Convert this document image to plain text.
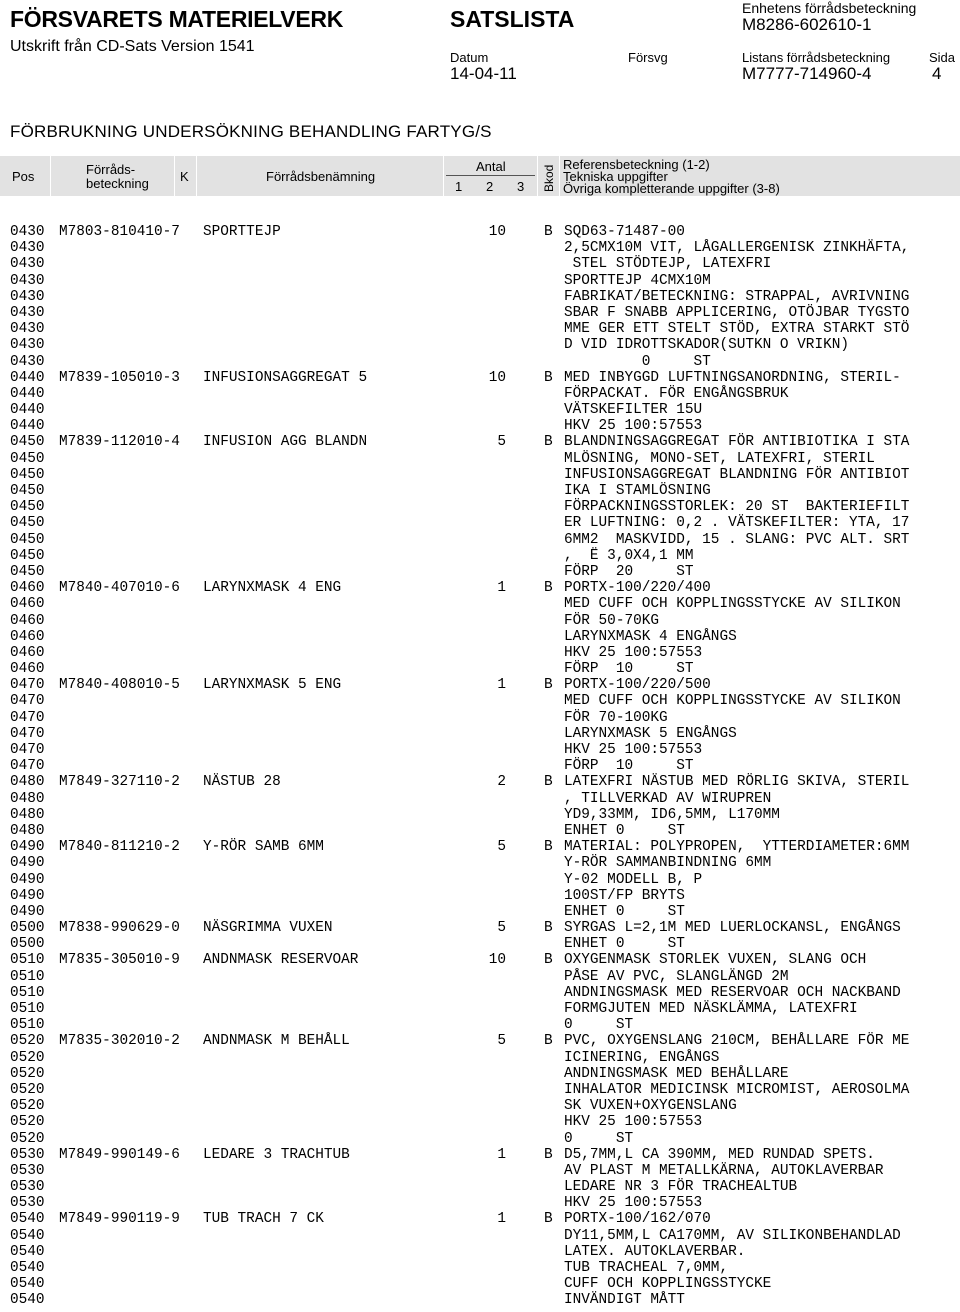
FÖRSVARETS MATERIELVERK
Utskrift från CD-Sats Version 1541
SATSLISTA	Enhetens förrådsbeteckning
M8286-602610-1
Datum
14-04-11
Försvg	Listans förrådsbeteckning
M7777-714960-4
Sida
4
FÖRBRUKNING UNDERSÖKNING BEHANDLING FARTYG/S
Pos	Förråds-
beteckning K	Förrådsbenämning
Antal
1 2 3 Bkod
Referensbeteckning (1-2)
Tekniska uppgifter
Övriga kompletterande uppgifter (3-8)
0430 M7803-810410-7 SPORTTEJP	10	B SQD63-71487-00
0430	2,5CMX10M VIT, LÅGALLERGENISK ZINKHÄFTA,
0430	STEL STÖDTEJP, LATEXFRI
0430	SPORTTEJP 4CMX10M
0430	FABRIKAT/BETECKNING: STRAPPAL, AVRIVNING
0430	SBAR F SNABB APPLICERING, OTÖJBAR TYGSTO
0430	MME GER ETT STELT STÖD, EXTRA STARKT STÖ
0430	D VID IDROTTSKADOR(SUTKN O VRIKN)
0430	0     ST
0440 M7839-105010-3 INFUSIONSAGGREGAT 5	10	B MED INBYGGD LUFTNINGSANORDNING, STERIL-
0440	FÖRPACKAT. FÖR ENGÅNGSBRUK
0440	VÄTSKEFILTER 15U
0440	HKV 25 100:57553
0450 M7839-112010-4 INFUSION AGG BLANDN	5	B BLANDNINGSAGGREGAT FÖR ANTIBIOTIKA I STA
0450	MLÖSNING, MONO-SET, LATEXFRI, STERIL
0450	INFUSIONSAGGREGAT BLANDNING FÖR ANTIBIOT
0450	IKA I STAMLÖSNING
0450	FÖRPACKNINGSSTORLEK: 20 ST  BAKTERIEFILT
0450	ER LUFTNING: 0,2 . VÄTSKEFILTER: YTA, 17
0450	6MM2  MASKVIDD, 15 . SLANG: PVC ALT. SRT
0450	,  Ë 3,0X4,1 MM
0450	FÖRP  20     ST
0460 M7840-407010-6 LARYNXMASK 4 ENG	1	B PORTX-100/220/400
0460	MED CUFF OCH KOPPLINGSSTYCKE AV SILIKON
0460	FÖR 50-70KG
0460	LARYNXMASK 4 ENGÅNGS
0460	HKV 25 100:57553
0460	FÖRP  10     ST
0470 M7840-408010-5 LARYNXMASK 5 ENG	1	B PORTX-100/220/500
0470	MED CUFF OCH KOPPLINGSSTYCKE AV SILIKON
0470	FÖR 70-100KG
0470	LARYNXMASK 5 ENGÅNGS
0470	HKV 25 100:57553
0470	FÖRP  10     ST
0480 M7849-327110-2 NÄSTUB 28	2	B LATEXFRI NÄSTUB MED RÖRLIG SKIVA, STERIL
0480	, TILLVERKAD AV WIRUPREN
0480	YD9,33MM, ID6,5MM, L170MM
0480	ENHET 0     ST
0490 M7840-811210-2 Y-RÖR SAMB 6MM	5	B MATERIAL: POLYPROPEN,  YTTERDIAMETER:6MM
0490	Y-RÖR SAMMANBINDNING 6MM
0490	Y-02 MODELL B, P
0490	100ST/FP BRYTS
0490	ENHET 0     ST
0500 M7838-990629-0 NÄSGRIMMA VUXEN	5	B SYRGAS L=2,1M MED LUERLOCKANSL, ENGÅNGS
0500	ENHET 0     ST
0510 M7835-305010-9 ANDNMASK RESERVOAR	10	B OXYGENMASK STORLEK VUXEN, SLANG OCH
0510	PÅSE AV PVC, SLANGLÄNGD 2M
0510	ANDNINGSMASK MED RESERVOAR OCH NACKBAND
0510	FORMGJUTEN MED NÄSKLÄMMA, LATEXFRI
0510	0     ST
0520 M7835-302010-2 ANDNMASK M BEHÅLL	5	B PVC, OXYGENSLANG 210CM, BEHÅLLARE FÖR ME
0520	ICINERING, ENGÅNGS
0520	ANDNINGSMASK MED BEHÅLLARE
0520	INHALATOR MEDICINSK MICROMIST, AEROSOLMA
0520	SK VUXEN+OXYGENSLANG
0520	HKV 25 100:57553
0520	0     ST
0530 M7849-990149-6 LEDARE 3 TRACHTUB	1	B D5,7MM,L CA 390MM, MED RUNDAD SPETS.
0530	AV PLAST M METALLKÄRNA, AUTOKLAVERBAR
0530	LEDARE NR 3 FÖR TRACHEALTUB
0530	HKV 25 100:57553
0540 M7849-990119-9 TUB TRACH 7 CK	1	B PORTX-100/162/070
0540	DY11,5MM,L CA170MM, AV SILIKONBEHANDLAD
0540	LATEX. AUTOKLAVERBAR.
0540	TUB TRACHEAL 7,0MM,
0540	CUFF OCH KOPPLINGSSTYCKE
0540	INVÄNDIGT MÅTT
